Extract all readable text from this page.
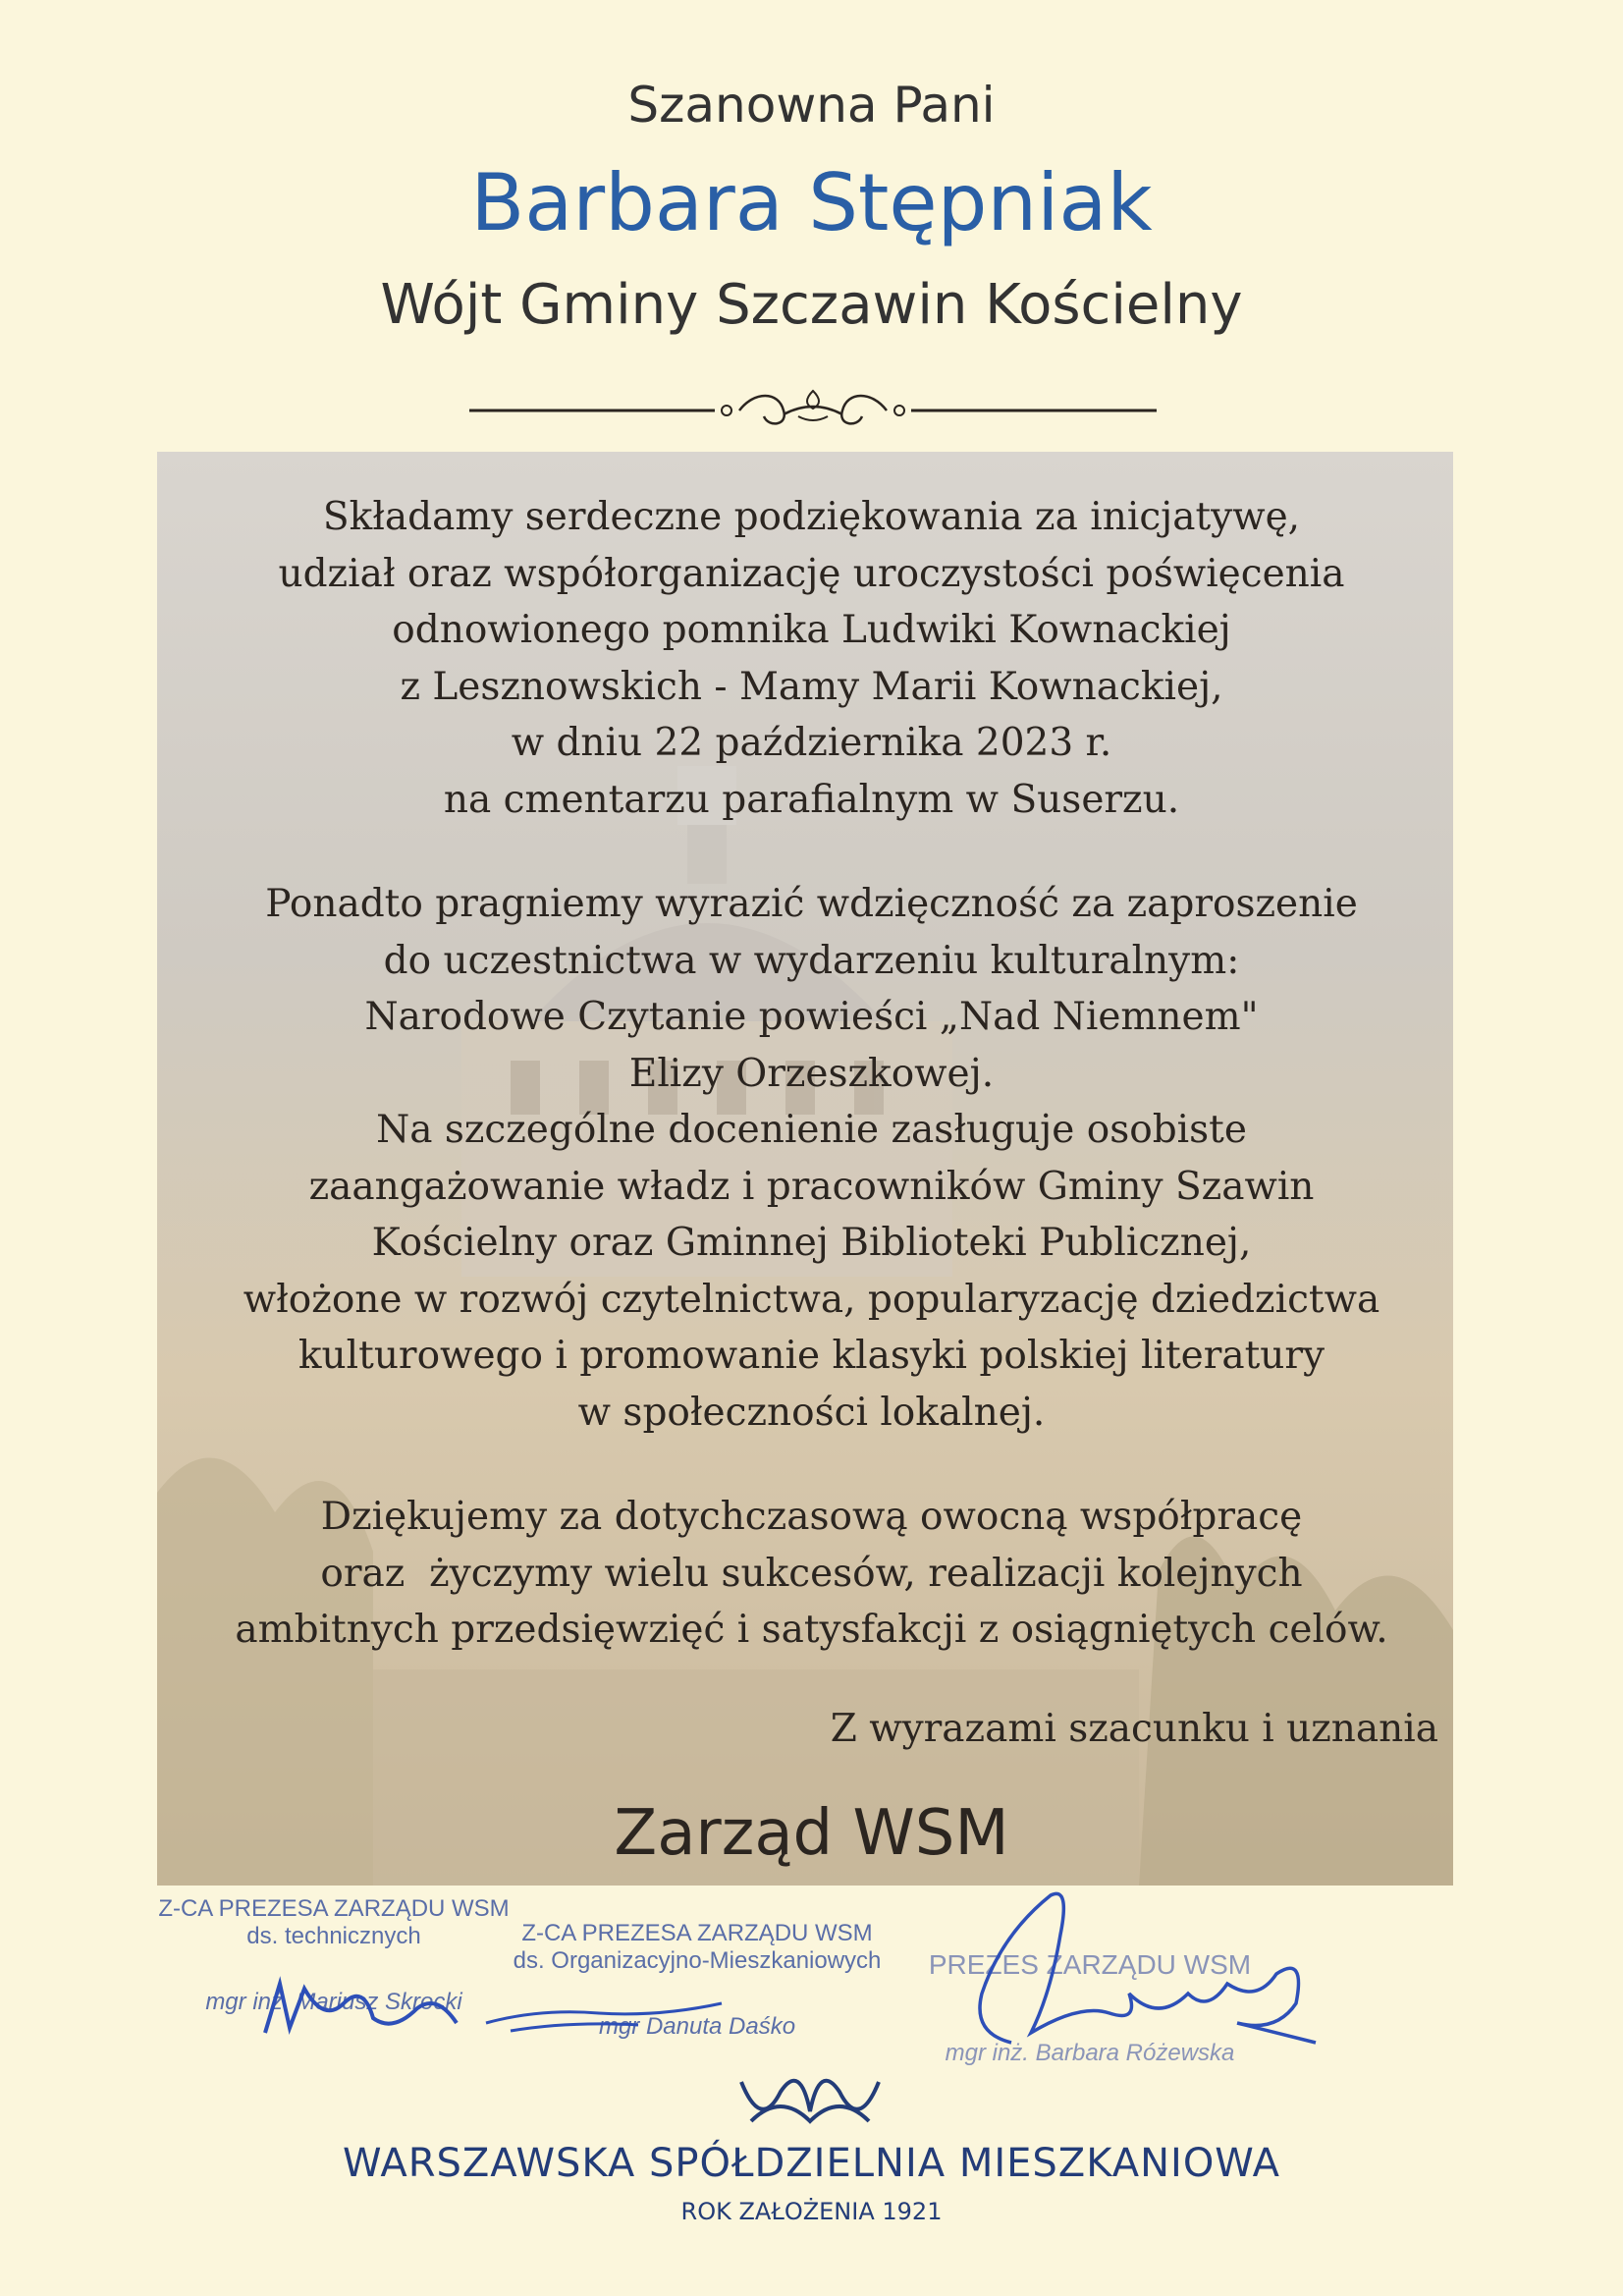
Szanowna Pani
Barbara Stępniak
Wójt Gminy Szczawin Kościelny
Składamy serdeczne podziękowania za inicjatywę,
udział oraz współorganizację uroczystości poświęcenia
odnowionego pomnika Ludwiki Kownackiej
z Lesznowskich - Mamy Marii Kownackiej,
w dniu 22 października 2023 r.
na cmentarzu parafialnym w Suserzu.
Ponadto pragniemy wyrazić wdzięczność za zaproszenie
do uczestnictwa w wydarzeniu kulturalnym:
Narodowe Czytanie powieści „Nad Niemnem"
Elizy Orzeszkowej.
Na szczególne docenienie zasługuje osobiste
zaangażowanie władz i pracowników Gminy Szawin
Kościelny oraz Gminnej Biblioteki Publicznej,
włożone w rozwój czytelnictwa, popularyzację dziedzictwa
kulturowego i promowanie klasyki polskiej literatury
w społeczności lokalnej.
Dziękujemy za dotychczasową owocną współpracę
oraz  życzymy wielu sukcesów, realizacji kolejnych
ambitnych przedsięwzięć i satysfakcji z osiągniętych celów.
Z wyrazami szacunku i uznania
Zarząd WSM
Z-CA PREZESA ZARZĄDU WSM
ds. technicznych
mgr inż. Mariusz Skrocki
Z-CA PREZESA ZARZĄDU WSM
ds. Organizacyjno-Mieszkaniowych
mgr Danuta Daśko
PREZES ZARZĄDU WSM
mgr inż. Barbara Różewska
WARSZAWSKA SPÓŁDZIELNIA MIESZKANIOWA
ROK ZAŁOŻENIA 1921
